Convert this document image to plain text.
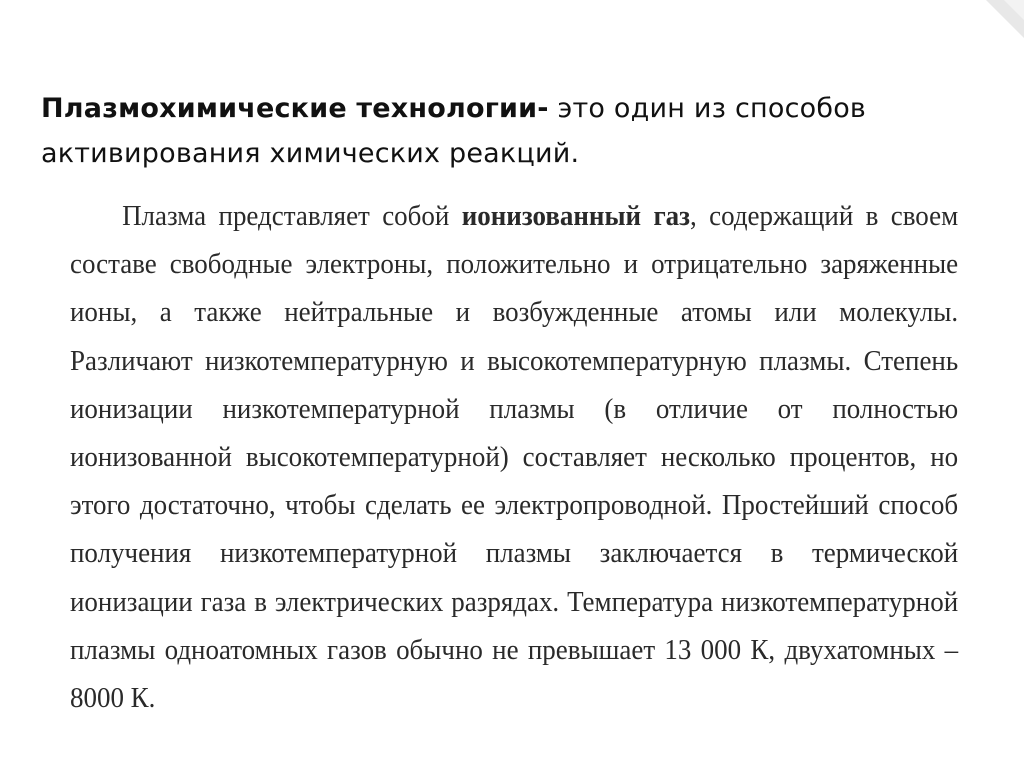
Плазмохимические технологии- это один из способов активирования химических реакций.
Плазма представляет собой ионизованный газ, содержащий в своем составе свободные электроны, положительно и отрицательно заряженные ионы, а также нейтральные и возбужденные атомы или молекулы. Различают низкотемпературную и высокотемпературную плазмы. Степень ионизации низкотемпературной плазмы (в отличие от полностью ионизованной высокотемпературной) составляет несколько процентов, но этого достаточно, чтобы сделать ее электропроводной. Простейший способ получения низкотемпературной плазмы заключается в термической ионизации газа в электрических разрядах. Температура низкотемпературной плазмы одноатомных газов обычно не превышает 13 000 К, двухатомных – 8000 К.
